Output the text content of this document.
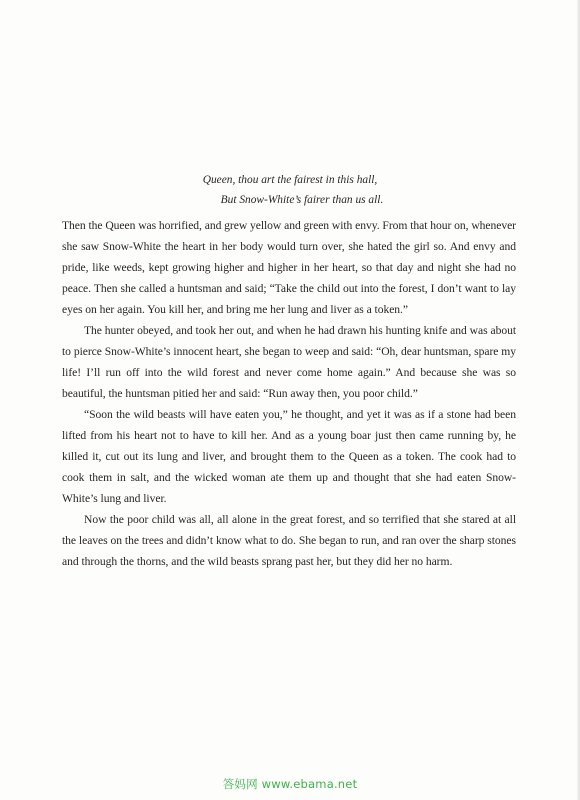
Queen, thou art the fairest in this hall,
But Snow-White’s fairer than us all.

Then the Queen was horrified, and grew yellow and green with envy. From that hour on, whenever she saw Snow-White the heart in her body would turn over, she hated the girl so. And envy and pride, like weeds, kept growing higher and higher in her heart, so that day and night she had no peace. Then she called a huntsman and said; “Take the child out into the forest, I don’t want to lay eyes on her again. You kill her, and bring me her lung and liver as a token.”

The hunter obeyed, and took her out, and when he had drawn his hunting knife and was about to pierce Snow-White’s innocent heart, she began to weep and said: “Oh, dear huntsman, spare my life! I’ll run off into the wild forest and never come home again.” And because she was so beautiful, the huntsman pitied her and said: “Run away then, you poor child.”

“Soon the wild beasts will have eaten you,” he thought, and yet it was as if a stone had been lifted from his heart not to have to kill her. And as a young boar just then came running by, he killed it, cut out its lung and liver, and brought them to the Queen as a token. The cook had to cook them in salt, and the wicked woman ate them up and thought that she had eaten Snow-White’s lung and liver.

Now the poor child was all, all alone in the great forest, and so terrified that she stared at all the leaves on the trees and didn’t know what to do. She began to run, and ran over the sharp stones and through the thorns, and the wild beasts sprang past her, but they did her no harm.

答妈网 www.ebama.net
